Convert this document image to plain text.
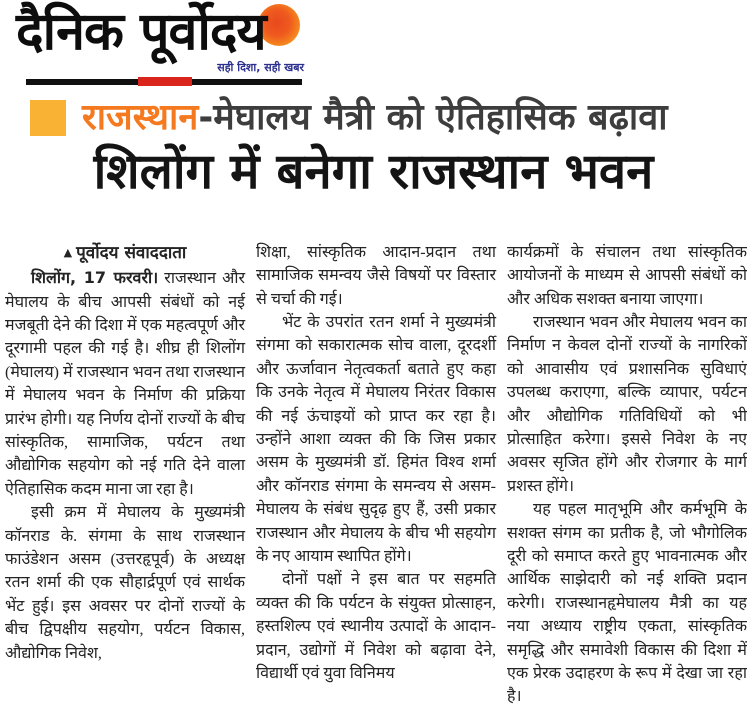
दैनिक पूर्वोदय
सही दिशा, सही खबर
राजस्थान-मेघालय मैत्री को ऐतिहासिक बढ़ावा
शिलोंग में बनेगा राजस्थान भवन
▲ पूर्वोदय संवाददाता

शिलोंग, 17 फरवरी। राजस्थान और मेघालय के बीच आपसी संबंधों को नई मजबूती देने की दिशा में एक महत्वपूर्ण और दूरगामी पहल की गई है। शीघ्र ही शिलोंग (मेघालय) में राजस्थान भवन तथा राजस्थान में मेघालय भवन के निर्माण की प्रक्रिया प्रारंभ होगी। यह निर्णय दोनों राज्यों के बीच सांस्कृतिक, सामाजिक, पर्यटन तथा औद्योगिक सहयोग को नई गति देने वाला ऐतिहासिक कदम माना जा रहा है।

इसी क्रम में मेघालय के मुख्यमंत्री कॉनराड के. संगमा के साथ राजस्थान फाउंडेशन असम (उत्तरहृपूर्व) के अध्यक्ष रतन शर्मा की एक सौहार्द्रपूर्ण एवं सार्थक भेंट हुई। इस अवसर पर दोनों राज्यों के बीच द्विपक्षीय सहयोग, पर्यटन विकास, औद्योगिक निवेश,

शिक्षा, सांस्कृतिक आदान-प्रदान तथा सामाजिक समन्वय जैसे विषयों पर विस्तार से चर्चा की गई।

भेंट के उपरांत रतन शर्मा ने मुख्यमंत्री संगमा को सकारात्मक सोच वाला, दूरदर्शी और ऊर्जावान नेतृत्वकर्ता बताते हुए कहा कि उनके नेतृत्व में मेघालय निरंतर विकास की नई ऊंचाइयों को प्राप्त कर रहा है। उन्होंने आशा व्यक्त की कि जिस प्रकार असम के मुख्यमंत्री डॉ. हिमंत विश्व शर्मा और कॉनराड संगमा के समन्वय से असम-मेघालय के संबंध सुदृढ़ हुए हैं, उसी प्रकार राजस्थान और मेघालय के बीच भी सहयोग के नए आयाम स्थापित होंगे।

दोनों पक्षों ने इस बात पर सहमति व्यक्त की कि पर्यटन के संयुक्त प्रोत्साहन, हस्तशिल्प एवं स्थानीय उत्पादों के आदान-प्रदान, उद्योगों में निवेश को बढ़ावा देने, विद्यार्थी एवं युवा विनिमय

कार्यक्रमों के संचालन तथा सांस्कृतिक आयोजनों के माध्यम से आपसी संबंधों को और अधिक सशक्त बनाया जाएगा।

राजस्थान भवन और मेघालय भवन का निर्माण न केवल दोनों राज्यों के नागरिकों को आवासीय एवं प्रशासनिक सुविधाएं उपलब्ध कराएगा, बल्कि व्यापार, पर्यटन और औद्योगिक गतिविधियों को भी प्रोत्साहित करेगा। इससे निवेश के नए अवसर सृजित होंगे और रोजगार के मार्ग प्रशस्त होंगे।

यह पहल मातृभूमि और कर्मभूमि के सशक्त संगम का प्रतीक है, जो भौगोलिक दूरी को समाप्त करते हुए भावनात्मक और आर्थिक साझेदारी को नई शक्ति प्रदान करेगी। राजस्थानहृमेघालय मैत्री का यह नया अध्याय राष्ट्रीय एकता, सांस्कृतिक समृद्धि और समावेशी विकास की दिशा में एक प्रेरक उदाहरण के रूप में देखा जा रहा है।
